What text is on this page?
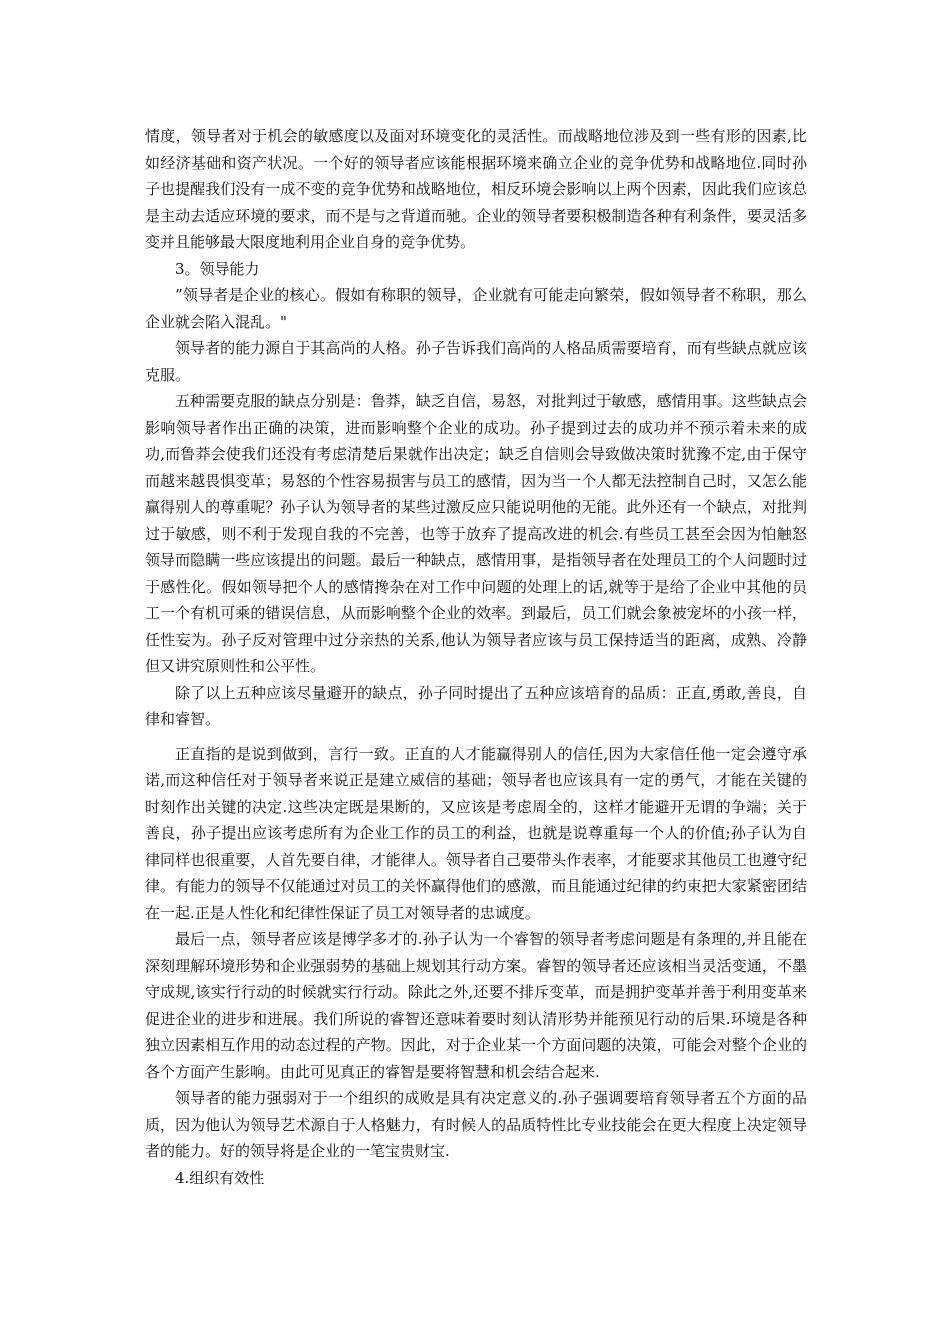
情度，领导者对于机会的敏感度以及面对环境变化的灵活性。而战略地位涉及到一些有形的因素,比如经济基础和资产状况。一个好的领导者应该能根据环境来确立企业的竞争优势和战略地位.同时孙子也提醒我们没有一成不变的竞争优势和战略地位，相反环境会影响以上两个因素，因此我们应该总是主动去适应环境的要求，而不是与之背道而驰。企业的领导者要积极制造各种有利条件，要灵活多变并且能够最大限度地利用企业自身的竞争优势。

3。领导能力

”领导者是企业的核心。假如有称职的领导，企业就有可能走向繁荣，假如领导者不称职，那么企业就会陷入混乱。"

领导者的能力源自于其高尚的人格。孙子告诉我们高尚的人格品质需要培育，而有些缺点就应该克服。

五种需要克服的缺点分别是：鲁莽，缺乏自信，易怒，对批判过于敏感，感情用事。这些缺点会影响领导者作出正确的决策，进而影响整个企业的成功。孙子提到过去的成功并不预示着未来的成功,而鲁莽会使我们还没有考虑清楚后果就作出决定；缺乏自信则会导致做决策时犹豫不定,由于保守而越来越畏惧变革；易怒的个性容易损害与员工的感情，因为当一个人都无法控制自己时，又怎么能赢得别人的尊重呢？孙子认为领导者的某些过激反应只能说明他的无能。此外还有一个缺点，对批判过于敏感，则不利于发现自我的不完善，也等于放弃了提高改进的机会.有些员工甚至会因为怕触怒领导而隐瞒一些应该提出的问题。最后一种缺点，感情用事，是指领导者在处理员工的个人问题时过于感性化。假如领导把个人的感情搀杂在对工作中问题的处理上的话,就等于是给了企业中其他的员工一个有机可乘的错误信息，从而影响整个企业的效率。到最后，员工们就会象被宠坏的小孩一样，任性妄为。孙子反对管理中过分亲热的关系,他认为领导者应该与员工保持适当的距离，成熟、冷静但又讲究原则性和公平性。

除了以上五种应该尽量避开的缺点，孙子同时提出了五种应该培育的品质：正直,勇敢,善良，自律和睿智。

正直指的是说到做到，言行一致。正直的人才能赢得别人的信任,因为大家信任他一定会遵守承诺,而这种信任对于领导者来说正是建立威信的基础；领导者也应该具有一定的勇气，才能在关键的时刻作出关键的决定.这些决定既是果断的，又应该是考虑周全的，这样才能避开无谓的争端；关于善良，孙子提出应该考虑所有为企业工作的员工的利益，也就是说尊重每一个人的价值;孙子认为自律同样也很重要，人首先要自律，才能律人。领导者自己要带头作表率，才能要求其他员工也遵守纪律。有能力的领导不仅能通过对员工的关怀赢得他们的感激，而且能通过纪律的约束把大家紧密团结在一起.正是人性化和纪律性保证了员工对领导者的忠诚度。

最后一点，领导者应该是博学多才的.孙子认为一个睿智的领导者考虑问题是有条理的,并且能在深刻理解环境形势和企业强弱势的基础上规划其行动方案。睿智的领导者还应该相当灵活变通，不墨守成规,该实行行动的时候就实行行动。除此之外,还要不排斥变革，而是拥护变革并善于利用变革来促进企业的进步和进展。我们所说的睿智还意味着要时刻认清形势并能预见行动的后果.环境是各种独立因素相互作用的动态过程的产物。因此，对于企业某一个方面问题的决策，可能会对整个企业的各个方面产生影响。由此可见真正的睿智是要将智慧和机会结合起来.

领导者的能力强弱对于一个组织的成败是具有决定意义的.孙子强调要培育领导者五个方面的品质，因为他认为领导艺术源自于人格魅力，有时候人的品质特性比专业技能会在更大程度上决定领导者的能力。好的领导将是企业的一笔宝贵财宝.

4.组织有效性
